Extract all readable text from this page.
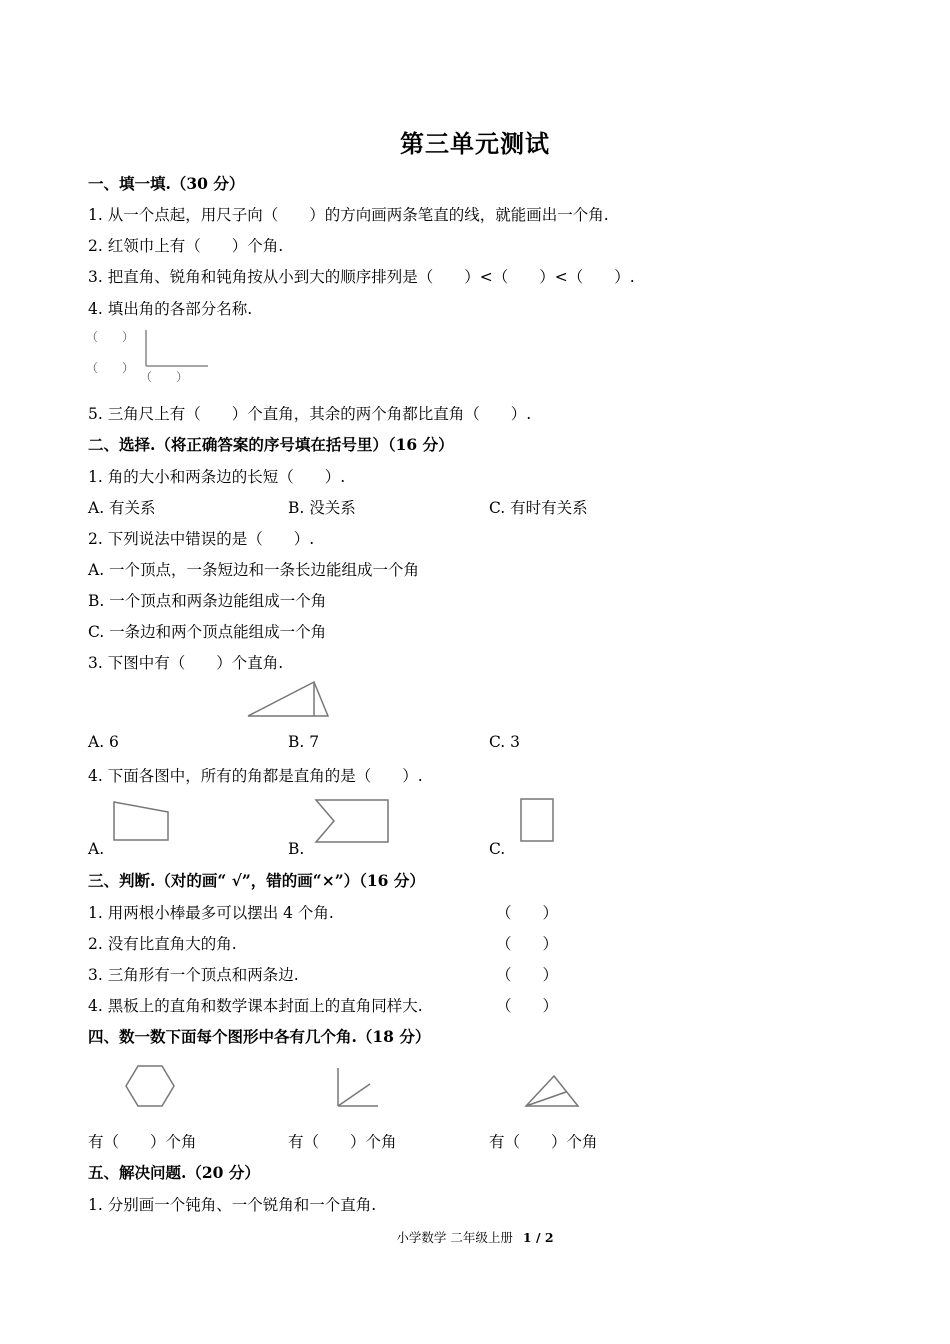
第三单元测试
一、填一填.（30 分）
1. 从一个点起，用尺子向（　　）的方向画两条笔直的线，就能画出一个角.
2. 红领巾上有（　　）个角.
3. 把直角、锐角和钝角按从小到大的顺序排列是（　　）<（　　）<（　　）.
4. 填出角的各部分名称.
（　　）
（　　）
（　　）
5. 三角尺上有（　　）个直角，其余的两个角都比直角（　　）.
二、选择.（将正确答案的序号填在括号里）（16 分）
1. 角的大小和两条边的长短（　　）.
A. 有关系	B. 没关系	C. 有时有关系
2. 下列说法中错误的是（　　）.
A. 一个顶点，一条短边和一条长边能组成一个角
B. 一个顶点和两条边能组成一个角
C. 一条边和两个顶点能组成一个角
3. 下图中有（　　）个直角.
A. 6	B. 7	C. 3
4. 下面各图中，所有的角都是直角的是（　　）.
A.	B.	C.
三、判断.（对的画“ √”，错的画“×”）（16 分）
1. 用两根小棒最多可以摆出 4 个角.	（　　）
2. 没有比直角大的角.	（　　）
3. 三角形有一个顶点和两条边.	（　　）
4. 黑板上的直角和数学课本封面上的直角同样大.	（　　）
四、数一数下面每个图形中各有几个角.（18 分）
有（　　）个角	有（　　）个角	有（　　）个角
五、解决问题.（20 分）
1. 分别画一个钝角、一个锐角和一个直角.
小学数学 二年级上册 1 / 2
